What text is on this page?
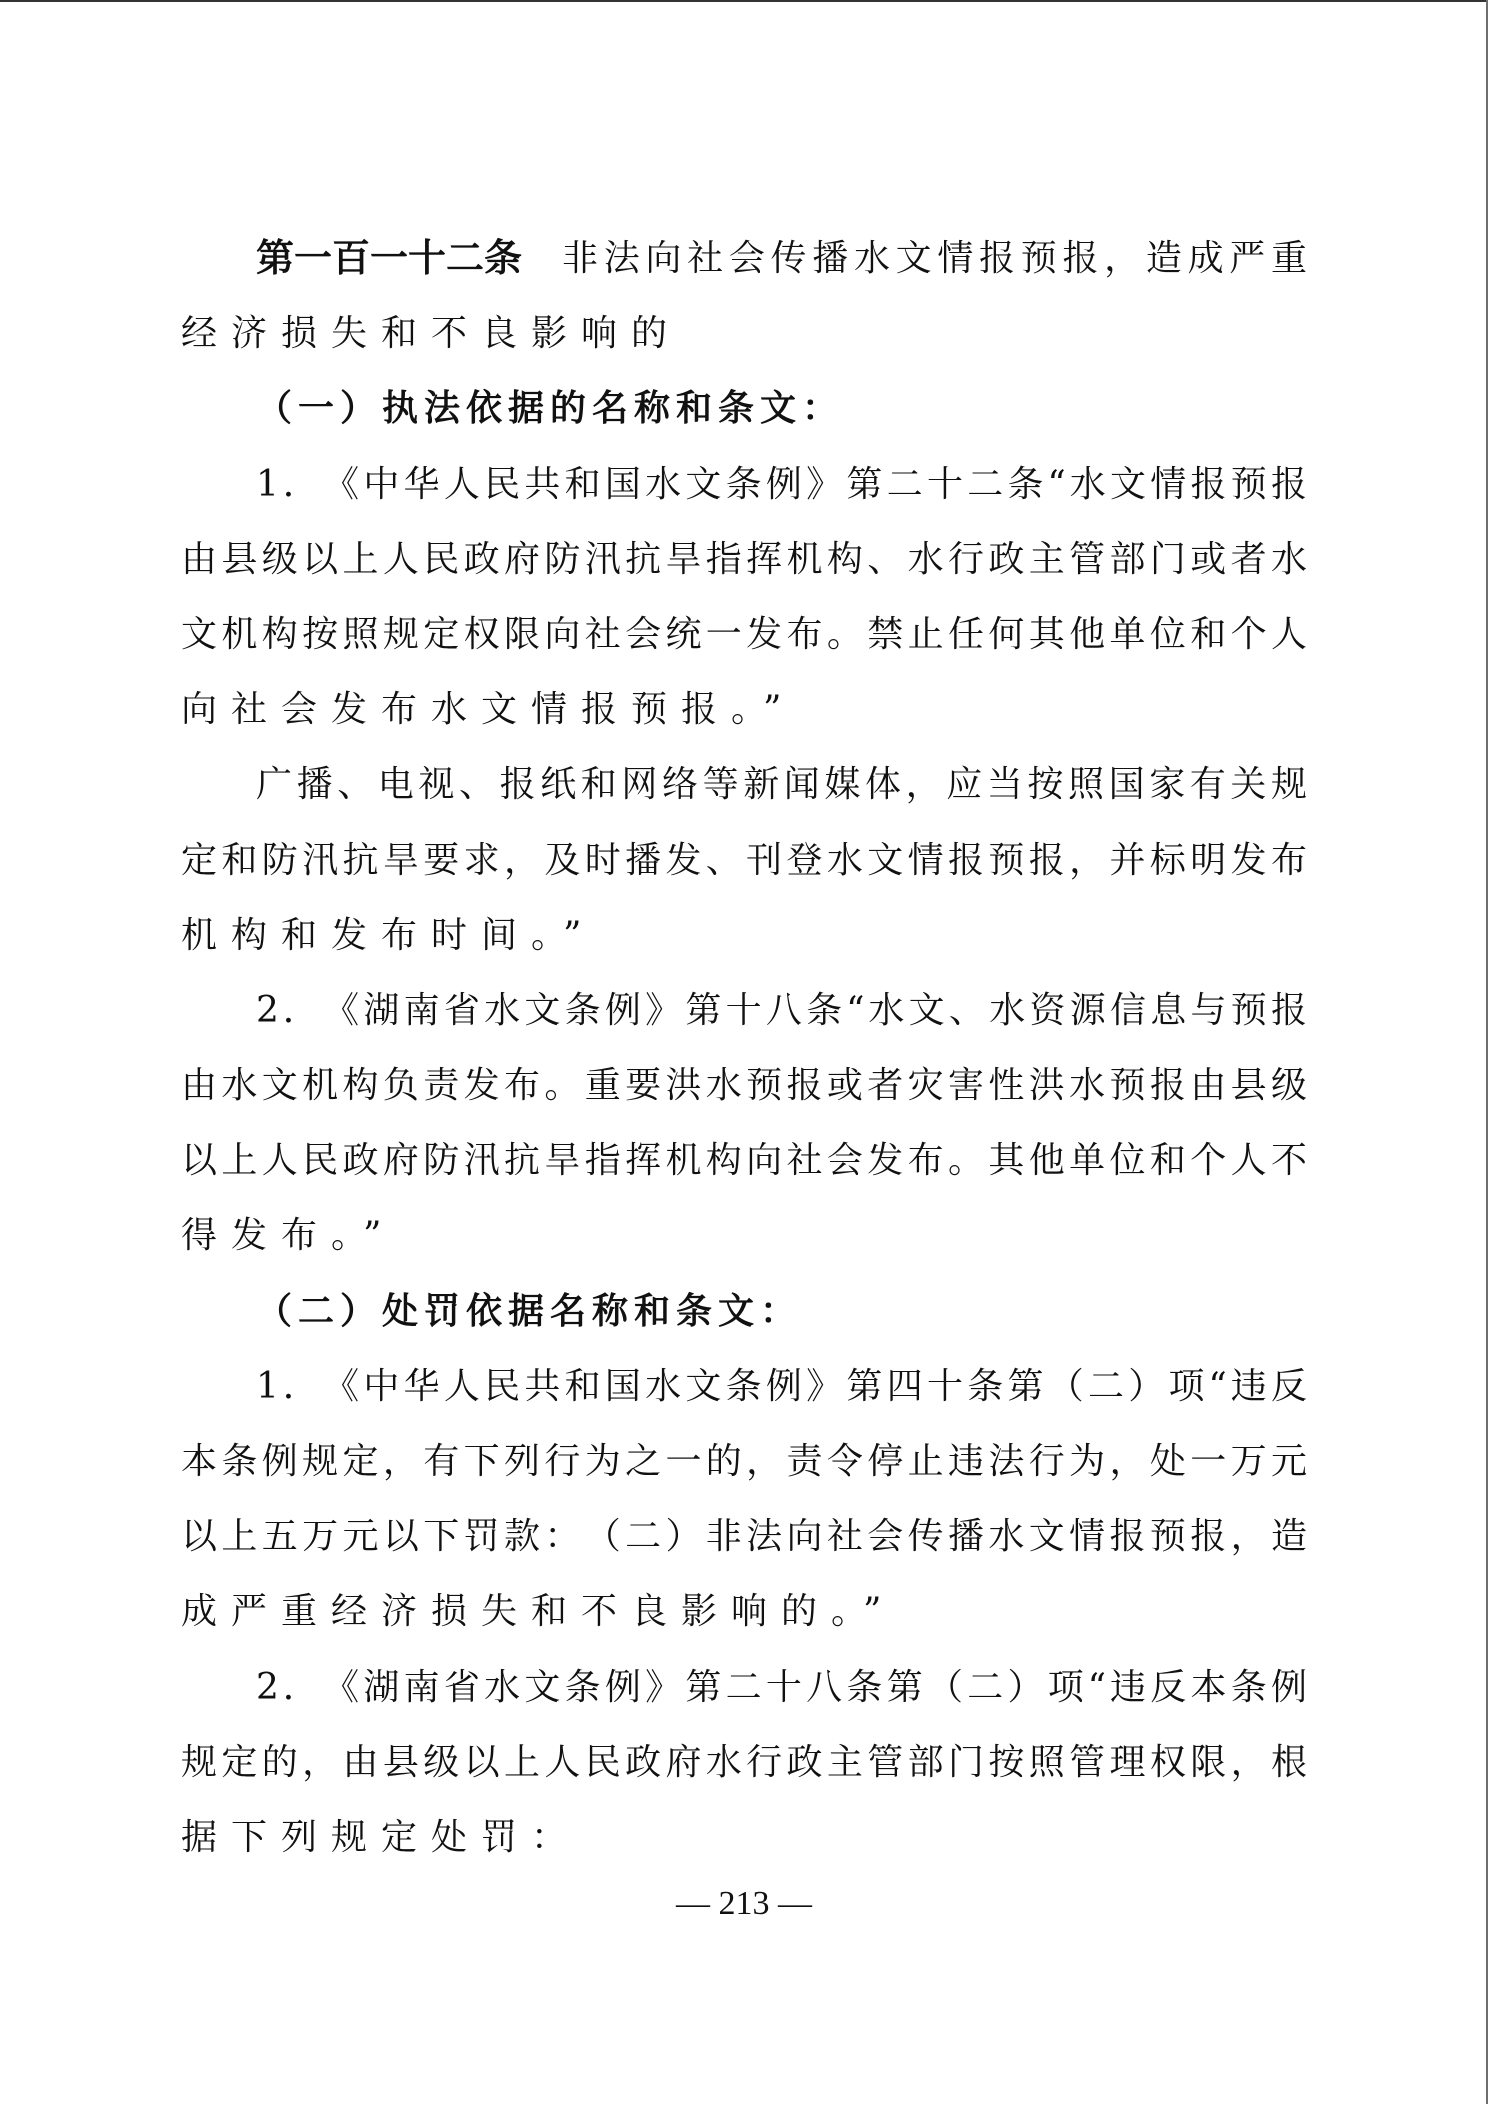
第一百一十二条 非 法 向 社 会 传 播 水 文 情 报 预 报 ， 造 成 严 重
经济损失和不良影响的
（一）执法依据的名称和条文：
1 ． 《 中 华 人 民 共 和 国 水 文 条 例 》 第 二 十 二 条 “ 水 文 情 报 预 报
由 县 级 以 上 人 民 政 府 防 汛 抗 旱 指 挥 机 构 、 水 行 政 主 管 部 门 或 者 水
文 机 构 按 照 规 定 权 限 向 社 会 统 一 发 布 。 禁 止 任 何 其 他 单 位 和 个 人
向社会发布水文情报预报。”
广 播 、 电 视 、 报 纸 和 网 络 等 新 闻 媒 体 ， 应 当 按 照 国 家 有 关 规
定 和 防 汛 抗 旱 要 求 ， 及 时 播 发 、 刊 登 水 文 情 报 预 报 ， 并 标 明 发 布
机构和发布时间。”
2 ． 《 湖 南 省 水 文 条 例 》 第 十 八 条 “ 水 文 、 水 资 源 信 息 与 预 报
由 水 文 机 构 负 责 发 布 。 重 要 洪 水 预 报 或 者 灾 害 性 洪 水 预 报 由 县 级
以 上 人 民 政 府 防 汛 抗 旱 指 挥 机 构 向 社 会 发 布 。 其 他 单 位 和 个 人 不
得发布。”
（二）处罚依据名称和条文：
1 ． 《 中 华 人 民 共 和 国 水 文 条 例 》 第 四 十 条 第 （ 二 ） 项 “ 违 反
本 条 例 规 定 ， 有 下 列 行 为 之 一 的 ， 责 令 停 止 违 法 行 为 ， 处 一 万 元
以 上 五 万 元 以 下 罚 款 ： （ 二 ） 非 法 向 社 会 传 播 水 文 情 报 预 报 ， 造
成严重经济损失和不良影响的。”
2 ． 《 湖 南 省 水 文 条 例 》 第 二 十 八 条 第 （ 二 ） 项 “ 违 反 本 条 例
规 定 的 ， 由 县 级 以 上 人 民 政 府 水 行 政 主 管 部 门 按 照 管 理 权 限 ， 根
据下列规定处罚：
— 213 —
